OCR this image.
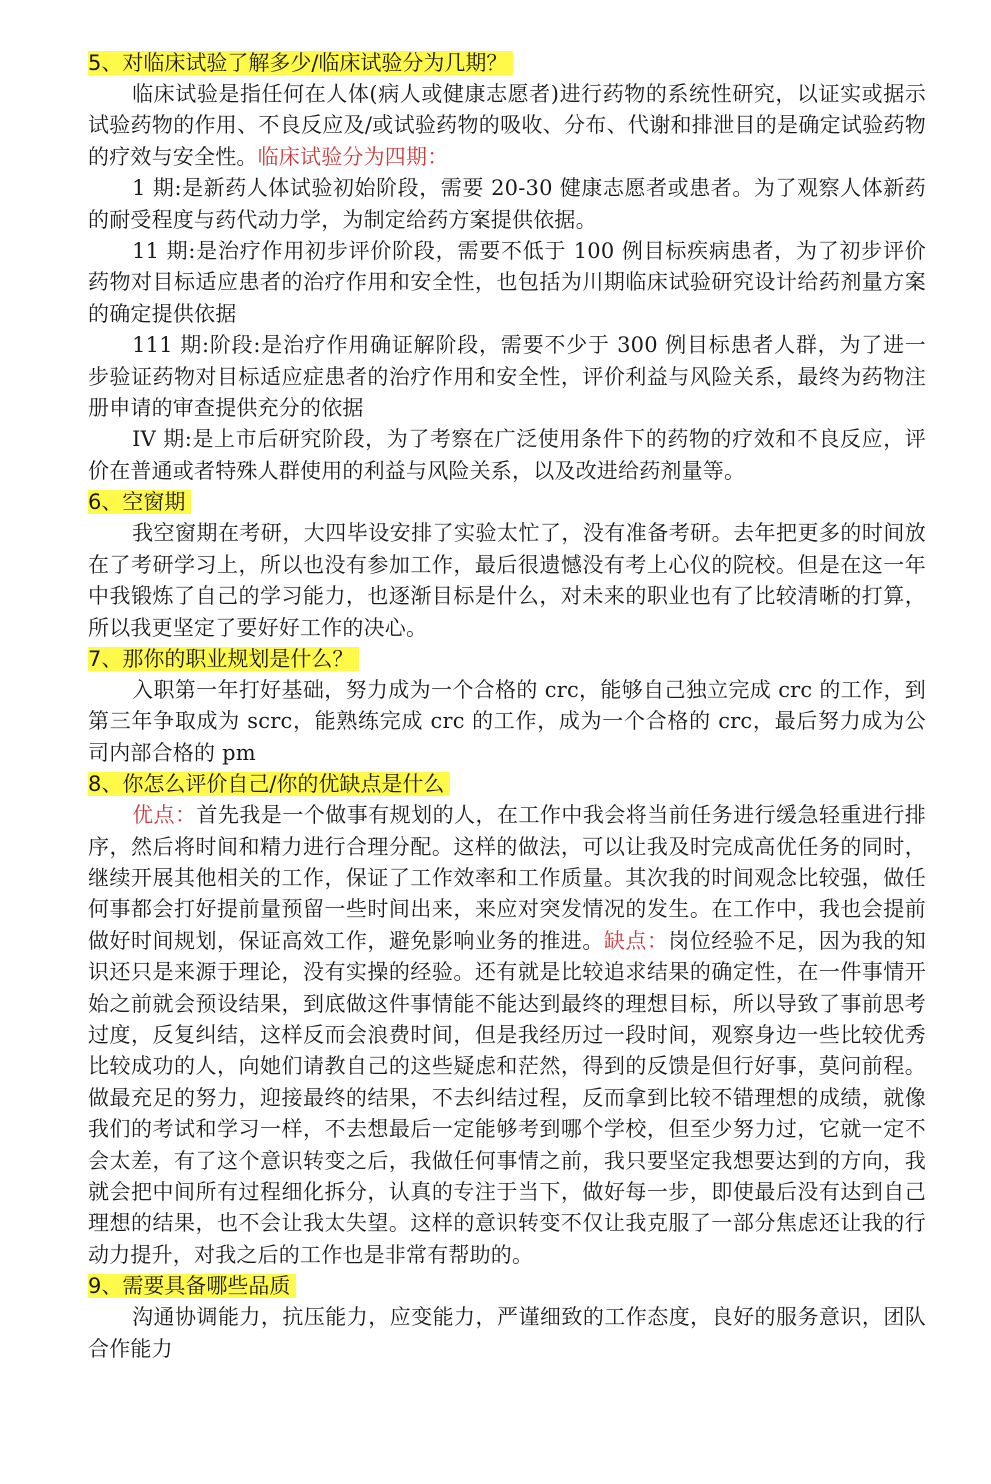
5、对临床试验了解多少/临床试验分为几期？

临床试验是指任何在人体(病人或健康志愿者)进行药物的系统性研究，以证实或据示试验药物的作用、不良反应及/或试验药物的吸收、分布、代谢和排泄目的是确定试验药物的疗效与安全性。临床试验分为四期：

1 期:是新药人体试验初始阶段，需要 20-30 健康志愿者或患者。为了观察人体新药的耐受程度与药代动力学，为制定给药方案提供依据。

11 期:是治疗作用初步评价阶段，需要不低于 100 例目标疾病患者，为了初步评价药物对目标适应患者的治疗作用和安全性，也包括为川期临床试验研究设计给药剂量方案的确定提供依据

111 期:阶段:是治疗作用确证解阶段，需要不少于 300 例目标患者人群，为了进一步验证药物对目标适应症患者的治疗作用和安全性，评价利益与风险关系，最终为药物注册申请的审查提供充分的依据

IV 期:是上市后研究阶段，为了考察在广泛使用条件下的药物的疗效和不良反应，评价在普通或者特殊人群使用的利益与风险关系，以及改进给药剂量等。

6、空窗期

我空窗期在考研，大四毕设安排了实验太忙了，没有准备考研。去年把更多的时间放在了考研学习上，所以也没有参加工作，最后很遗憾没有考上心仪的院校。但是在这一年中我锻炼了自己的学习能力，也逐渐目标是什么，对未来的职业也有了比较清晰的打算，所以我更坚定了要好好工作的决心。

7、那你的职业规划是什么？

入职第一年打好基础，努力成为一个合格的 crc，能够自己独立完成 crc 的工作，到第三年争取成为 scrc，能熟练完成 crc 的工作，成为一个合格的 crc，最后努力成为公司内部合格的 pm

8、你怎么评价自己/你的优缺点是什么

优点：首先我是一个做事有规划的人，在工作中我会将当前任务进行缓急轻重进行排序，然后将时间和精力进行合理分配。这样的做法，可以让我及时完成高优任务的同时，继续开展其他相关的工作，保证了工作效率和工作质量。其次我的时间观念比较强，做任何事都会打好提前量预留一些时间出来，来应对突发情况的发生。在工作中，我也会提前做好时间规划，保证高效工作，避免影响业务的推进。缺点：岗位经验不足，因为我的知识还只是来源于理论，没有实操的经验。还有就是比较追求结果的确定性，在一件事情开始之前就会预设结果，到底做这件事情能不能达到最终的理想目标，所以导致了事前思考过度，反复纠结，这样反而会浪费时间，但是我经历过一段时间，观察身边一些比较优秀比较成功的人，向她们请教自己的这些疑虑和茫然，得到的反馈是但行好事，莫问前程。做最充足的努力，迎接最终的结果，不去纠结过程，反而拿到比较不错理想的成绩，就像我们的考试和学习一样，不去想最后一定能够考到哪个学校，但至少努力过，它就一定不会太差，有了这个意识转变之后，我做任何事情之前，我只要坚定我想要达到的方向，我就会把中间所有过程细化拆分，认真的专注于当下，做好每一步，即使最后没有达到自己理想的结果，也不会让我太失望。这样的意识转变不仅让我克服了一部分焦虑还让我的行动力提升，对我之后的工作也是非常有帮助的。

9、需要具备哪些品质

沟通协调能力，抗压能力，应变能力，严谨细致的工作态度，良好的服务意识，团队合作能力
